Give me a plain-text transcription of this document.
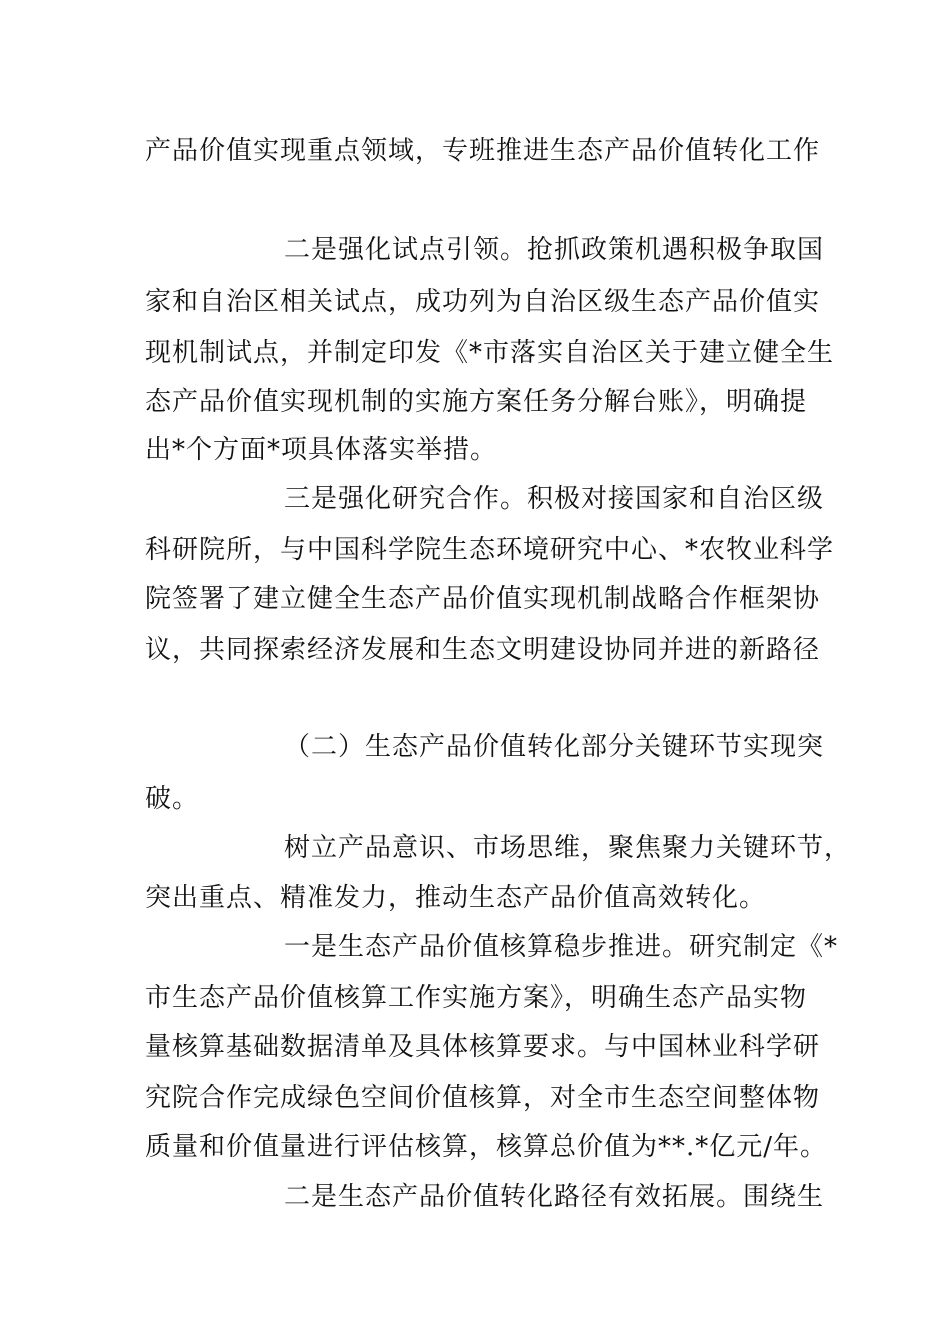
产品价值实现重点领域，专班推进生态产品价值转化工作
二是强化试点引领。抢抓政策机遇积极争取国
家和自治区相关试点，成功列为自治区级生态产品价值实
现机制试点，并制定印发《*市落实自治区关于建立健全生
态产品价值实现机制的实施方案任务分解台账》，明确提
出*个方面*项具体落实举措。
三是强化研究合作。积极对接国家和自治区级
科研院所，与中国科学院生态环境研究中心、*农牧业科学
院签署了建立健全生态产品价值实现机制战略合作框架协
议，共同探索经济发展和生态文明建设协同并进的新路径
（二）生态产品价值转化部分关键环节实现突
破。
树立产品意识、市场思维，聚焦聚力关键环节，
突出重点、精准发力，推动生态产品价值高效转化。
一是生态产品价值核算稳步推进。研究制定《*
市生态产品价值核算工作实施方案》，明确生态产品实物
量核算基础数据清单及具体核算要求。与中国林业科学研
究院合作完成绿色空间价值核算，对全市生态空间整体物
质量和价值量进行评估核算，核算总价值为**.*亿元/年。
二是生态产品价值转化路径有效拓展。围绕生
